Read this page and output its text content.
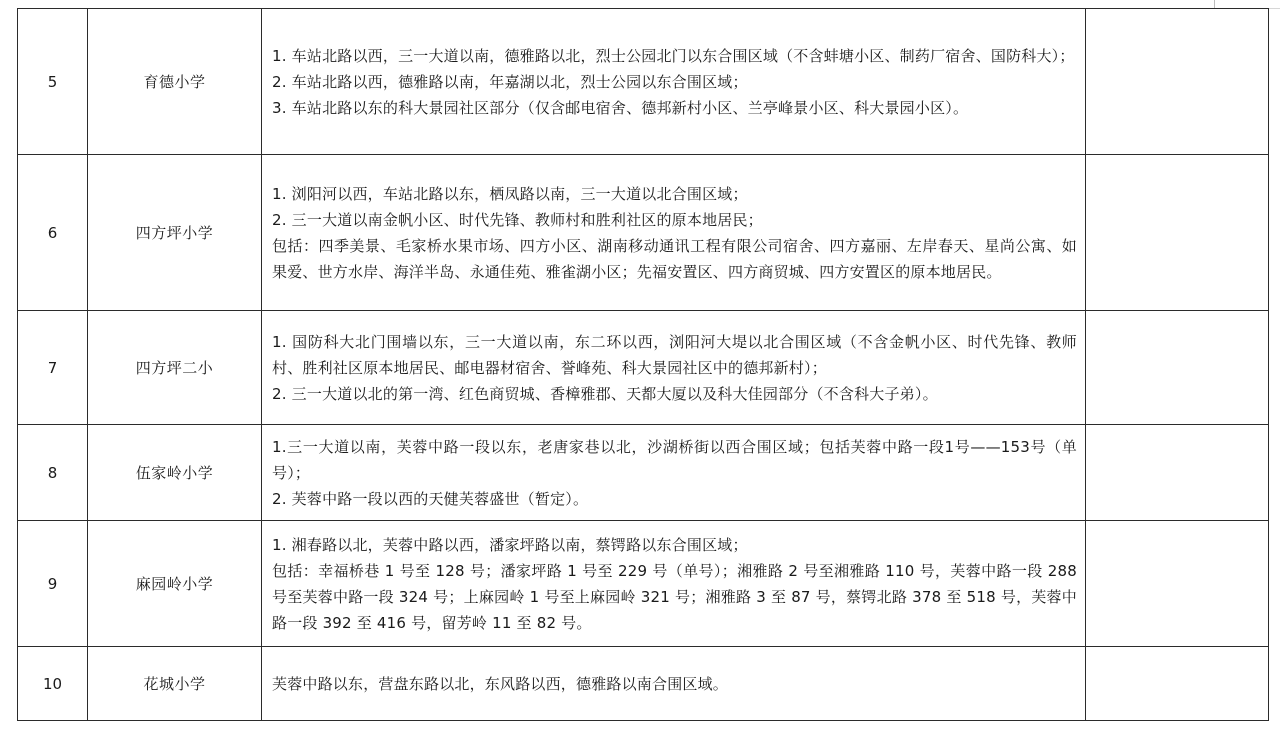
5	育德小学	1. 车站北路以西，三一大道以南，德雅路以北，烈士公园北门以东合围区域（不含蚌塘小区、制药厂宿舍、国防科大）；

2. 车站北路以西，德雅路以南，年嘉湖以北，烈士公园以东合围区域；

3. 车站北路以东的科大景园社区部分（仅含邮电宿舍、德邦新村小区、兰亭峰景小区、科大景园小区）。	

6	四方坪小学	1. 浏阳河以西，车站北路以东，栖凤路以南，三一大道以北合围区域；

2. 三一大道以南金帆小区、时代先锋、教师村和胜利社区的原本地居民；

包括：四季美景、毛家桥水果市场、四方小区、湖南移动通讯工程有限公司宿舍、四方嘉丽、左岸春天、星尚公寓、如果爱、世方水岸、海洋半岛、永通佳苑、雅雀湖小区；先福安置区、四方商贸城、四方安置区的原本地居民。	

7	四方坪二小	1. 国防科大北门围墙以东，三一大道以南，东二环以西，浏阳河大堤以北合围区域（不含金帆小区、时代先锋、教师村、胜利社区原本地居民、邮电器材宿舍、誉峰苑、科大景园社区中的德邦新村）；

2. 三一大道以北的第一湾、红色商贸城、香樟雅郡、天都大厦以及科大佳园部分（不含科大子弟）。	

8	伍家岭小学	1.三一大道以南，芙蓉中路一段以东，老唐家巷以北，沙湖桥街以西合围区域；包括芙蓉中路一段1号——153号（单号）；

2. 芙蓉中路一段以西的天健芙蓉盛世（暂定）。	

9	麻园岭小学	1. 湘春路以北，芙蓉中路以西，潘家坪路以南，蔡锷路以东合围区域；

包括：幸福桥巷 1 号至 128 号；潘家坪路 1 号至 229 号（单号）；湘雅路 2 号至湘雅路 110 号，芙蓉中路一段 288 号至芙蓉中路一段 324 号；上麻园岭 1 号至上麻园岭 321 号；湘雅路 3 至 87 号，蔡锷北路 378 至 518 号，芙蓉中路一段 392 至 416 号，留芳岭 11 至 82 号。	

10	花城小学	芙蓉中路以东，营盘东路以北，东风路以西，德雅路以南合围区域。	
